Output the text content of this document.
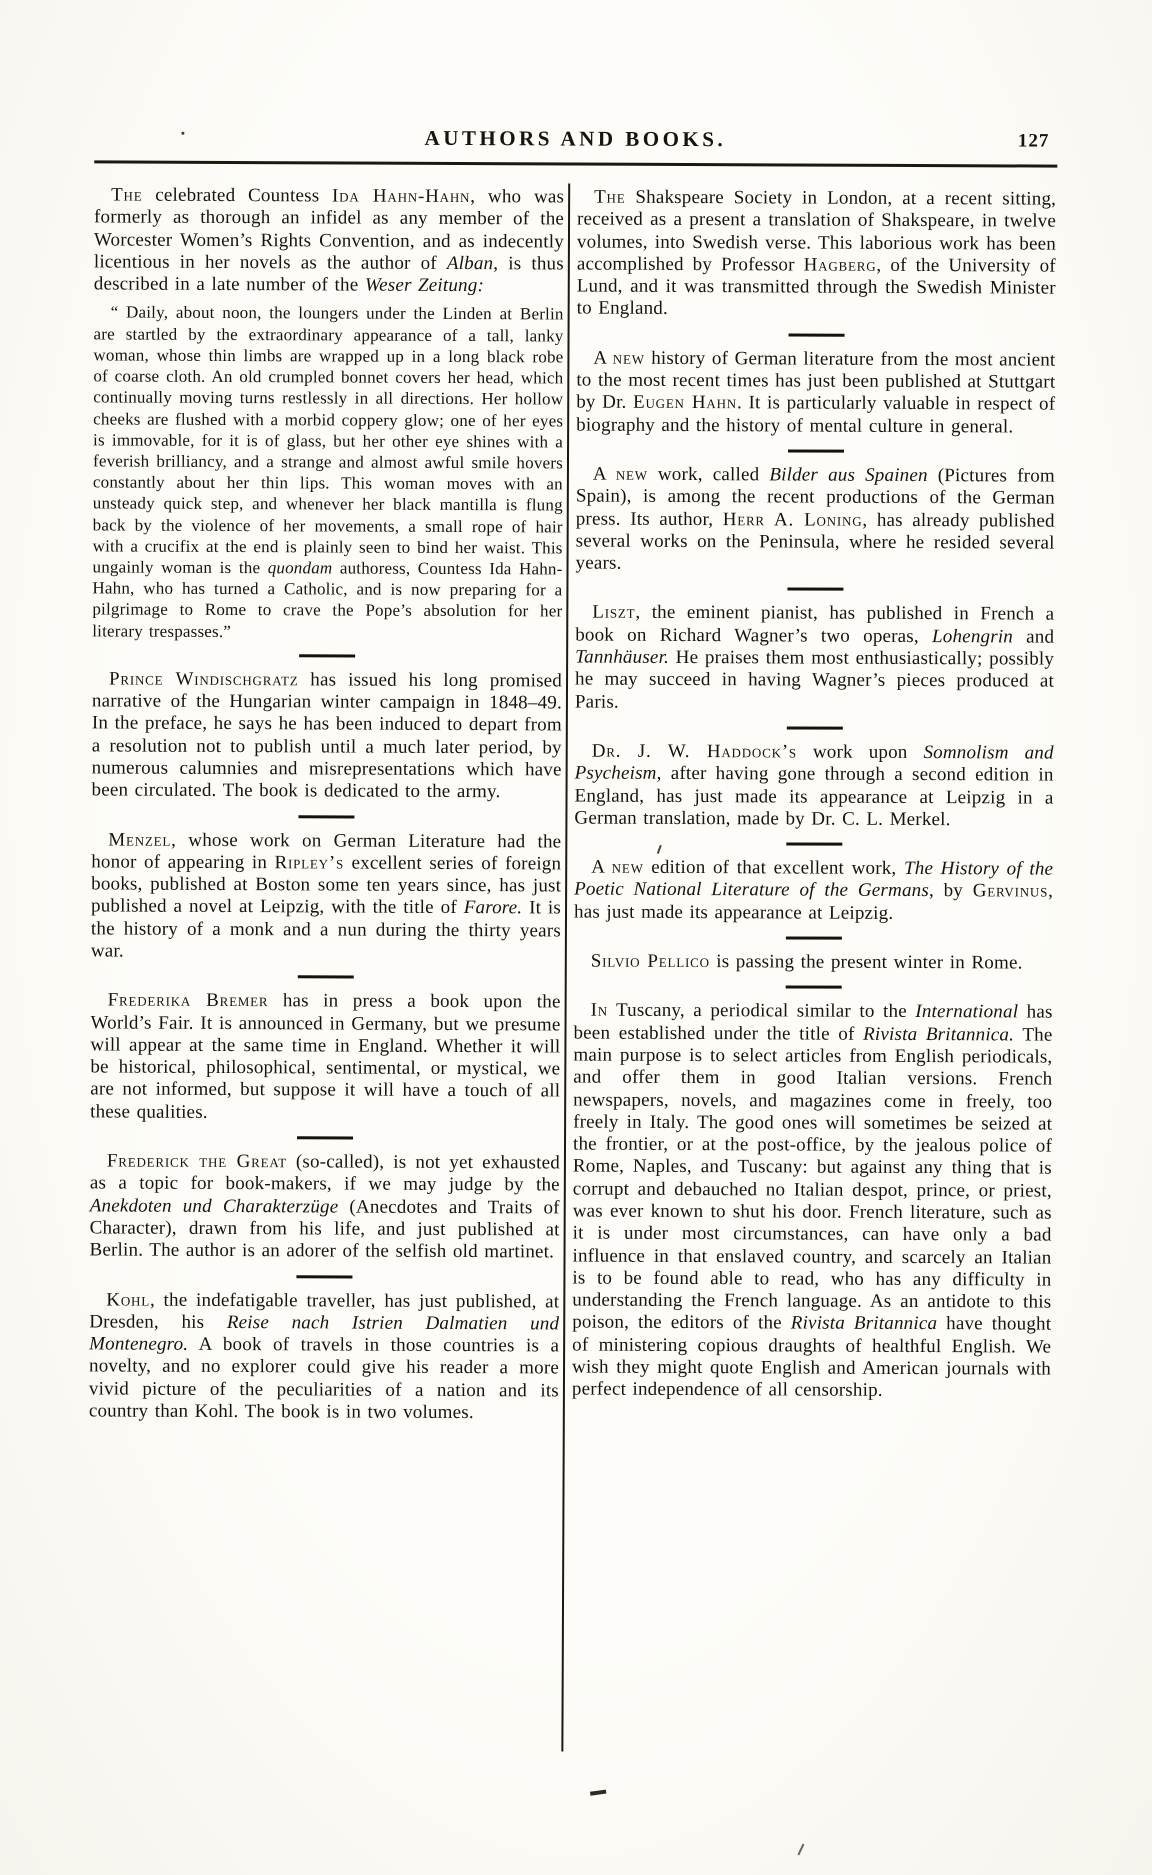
AUTHORS AND BOOKS.	127

The celebrated Countess Ida Hahn-Hahn, who was formerly as thorough an infidel as any member of the Worcester Women’s Rights Convention, and as indecently licentious in her novels as the author of Alban, is thus described in a late number of the Weser Zeitung:

“ Daily, about noon, the loungers under the Linden at Berlin are startled by the extraordinary appearance of a tall, lanky woman, whose thin limbs are wrapped up in a long black robe of coarse cloth. An old crumpled bonnet covers her head, which continually moving turns restlessly in all directions. Her hollow cheeks are flushed with a morbid coppery glow; one of her eyes is immovable, for it is of glass, but her other eye shines with a feverish brilliancy, and a strange and almost awful smile hovers constantly about her thin lips. This woman moves with an unsteady quick step, and whenever her black mantilla is flung back by the violence of her movements, a small rope of hair with a crucifix at the end is plainly seen to bind her waist. This ungainly woman is the quondam authoress, Countess Ida Hahn-Hahn, who has turned a Catholic, and is now preparing for a pilgrimage to Rome to crave the Pope’s absolution for her literary trespasses.”

Prince Windischgratz has issued his long promised narrative of the Hungarian winter campaign in 1848–49. In the preface, he says he has been induced to depart from a resolution not to publish until a much later period, by numerous calumnies and misrepresentations which have been circulated. The book is dedicated to the army.

Menzel, whose work on German Literature had the honor of appearing in Ripley’s excellent series of foreign books, published at Boston some ten years since, has just published a novel at Leipzig, with the title of Farore. It is the history of a monk and a nun during the thirty years war.

Frederika Bremer has in press a book upon the World’s Fair. It is announced in Germany, but we presume will appear at the same time in England. Whether it will be historical, philosophical, sentimental, or mystical, we are not informed, but suppose it will have a touch of all these qualities.

Frederick the Great (so-called), is not yet exhausted as a topic for book-makers, if we may judge by the Anekdoten und Charakterzüge (Anecdotes and Traits of Character), drawn from his life, and just published at Berlin. The author is an adorer of the selfish old martinet.

Kohl, the indefatigable traveller, has just published, at Dresden, his Reise nach Istrien Dalmatien und Montenegro. A book of travels in those countries is a novelty, and no explorer could give his reader a more vivid picture of the peculiarities of a nation and its country than Kohl. The book is in two volumes.

The Shakspeare Society in London, at a recent sitting, received as a present a translation of Shakspeare, in twelve volumes, into Swedish verse. This laborious work has been accomplished by Professor Hagberg, of the University of Lund, and it was transmitted through the Swedish Minister to England.

A new history of German literature from the most ancient to the most recent times has just been published at Stuttgart by Dr. Eugen Hahn. It is particularly valuable in respect of biography and the history of mental culture in general.

A new work, called Bilder aus Spainen (Pictures from Spain), is among the recent productions of the German press. Its author, Herr A. Loning, has already published several works on the Peninsula, where he resided several years.

Liszt, the eminent pianist, has published in French a book on Richard Wagner’s two operas, Lohengrin and Tannhäuser. He praises them most enthusiastically; possibly he may succeed in having Wagner’s pieces produced at Paris.

Dr. J. W. Haddock’s work upon Somnolism and Psycheism, after having gone through a second edition in England, has just made its appearance at Leipzig in a German translation, made by Dr. C. L. Merkel.

A new edition of that excellent work, The History of the Poetic National Literature of the Germans, by Gervinus, has just made its appearance at Leipzig.

Silvio Pellico is passing the present winter in Rome.

In Tuscany, a periodical similar to the International has been established under the title of Rivista Britannica. The main purpose is to select articles from English periodicals, and offer them in good Italian versions. French newspapers, novels, and magazines come in freely, too freely in Italy. The good ones will sometimes be seized at the frontier, or at the post-office, by the jealous police of Rome, Naples, and Tuscany: but against any thing that is corrupt and debauched no Italian despot, prince, or priest, was ever known to shut his door. French literature, such as it is under most circumstances, can have only a bad influence in that enslaved country, and scarcely an Italian is to be found able to read, who has any difficulty in understanding the French language. As an antidote to this poison, the editors of the Rivista Britannica have thought of ministering copious draughts of healthful English. We wish they might quote English and American journals with perfect independence of all censorship.
